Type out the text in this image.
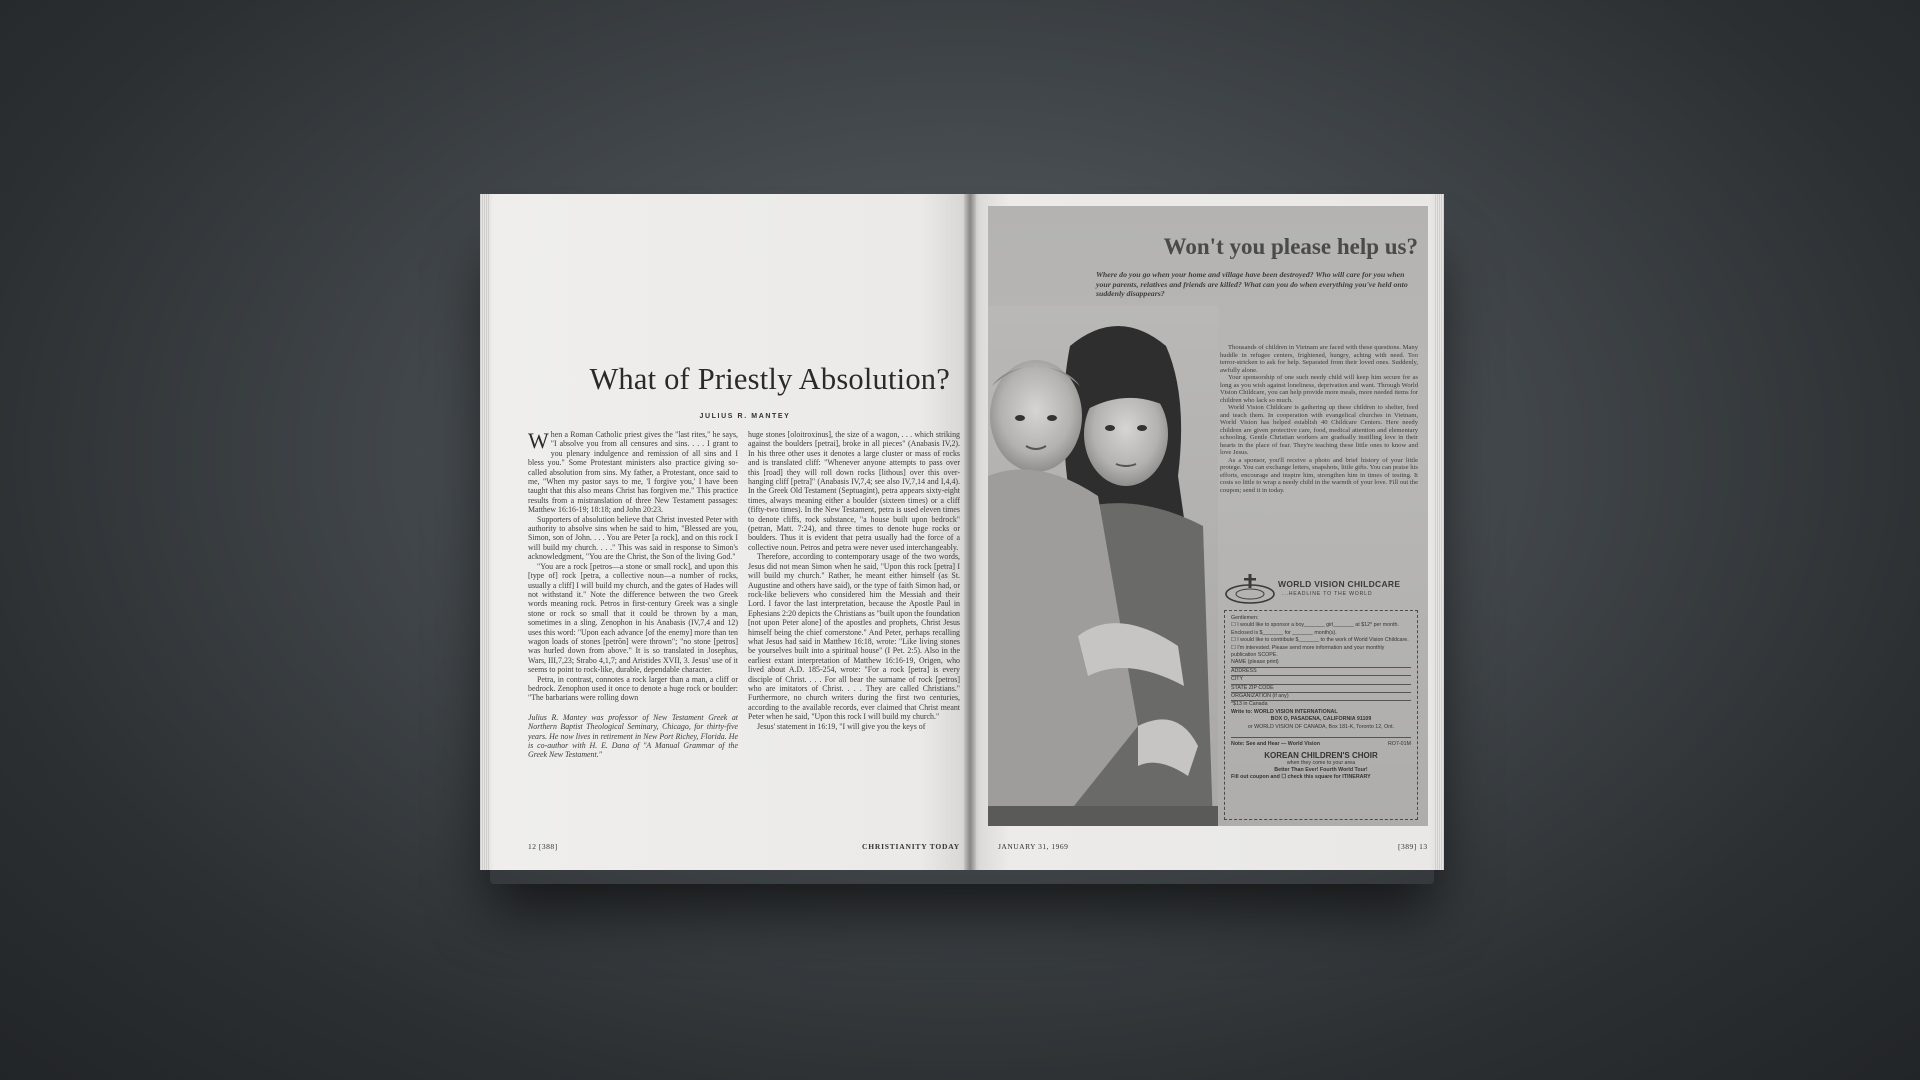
What of Priestly Absolution?
JULIUS R. MANTEY

When a Roman Catholic priest gives the "last rites," he says, "I absolve you from all censures and sins. . . . I grant to you plenary indulgence and remission of all sins and I bless you." Some Protestant ministers also practice giving so-called absolution from sins. My father, a Protestant, once said to me, "When my pastor says to me, 'I forgive you,' I have been taught that this also means Christ has forgiven me." This practice results from a mistranslation of three New Testament passages: Matthew 16:16-19; 18:18; and John 20:23.

Supporters of absolution believe that Christ invested Peter with authority to absolve sins when he said to him, "Blessed are you, Simon, son of John. . . . You are Peter [a rock], and on this rock I will build my church. . . ." This was said in response to Simon's acknowledgment, "You are the Christ, the Son of the living God."

"You are a rock [petros—a stone or small rock], and upon this [type of] rock [petra, a collective noun—a number of rocks, usually a cliff] I will build my church, and the gates of Hades will not withstand it." Note the difference between the two Greek words meaning rock. Petros in first-century Greek was a single stone or rock so small that it could be thrown by a man, sometimes in a sling. Zenophon in his Anabasis (IV,7,4 and 12) uses this word: "Upon each advance [of the enemy] more than ten wagon loads of stones [petrōn] were thrown"; "no stone [petros] was hurled down from above." It is so translated in Josephus, Wars, III,7,23; Strabo 4,1,7; and Aristides XVII, 3. Jesus' use of it seems to point to rock-like, durable, dependable character.

Petra, in contrast, connotes a rock larger than a man, a cliff or bedrock. Zenophon used it once to denote a huge rock or boulder: "The barbarians were rolling down

Julius R. Mantey was professor of New Testament Greek at Northern Baptist Theological Seminary, Chicago, for thirty-five years. He now lives in retirement in New Port Richey, Florida. He is co-author with H. E. Dana of "A Manual Grammar of the Greek New Testament."

huge stones [oloitroxinus], the size of a wagon, . . . which striking against the boulders [petrai], broke in all pieces" (Anabasis IV,2). In his three other uses it denotes a large cluster or mass of rocks and is translated cliff: "Whenever anyone attempts to pass over this [road] they will roll down rocks [lithous] over this over-hanging cliff [petra]" (Anabasis IV,7,4; see also IV,7,14 and I,4,4). In the Greek Old Testament (Septuagint), petra appears sixty-eight times, always meaning either a boulder (sixteen times) or a cliff (fifty-two times). In the New Testament, petra is used eleven times to denote cliffs, rock substance, "a house built upon bedrock" (petran, Matt. 7:24), and three times to denote huge rocks or boulders. Thus it is evident that petra usually had the force of a collective noun. Petros and petra were never used interchangeably.

Therefore, according to contemporary usage of the two words, Jesus did not mean Simon when he said, "Upon this rock [petra] I will build my church." Rather, he meant either himself (as St. Augustine and others have said), or the type of faith Simon had, or rock-like believers who considered him the Messiah and their Lord. I favor the last interpretation, because the Apostle Paul in Ephesians 2:20 depicts the Christians as "built upon the foundation [not upon Peter alone] of the apostles and prophets, Christ Jesus himself being the chief cornerstone." And Peter, perhaps recalling what Jesus had said in Matthew 16:18, wrote: "Like living stones be yourselves built into a spiritual house" (I Pet. 2:5). Also in the earliest extant interpretation of Matthew 16:16-19, Origen, who lived about A.D. 185-254, wrote: "For a rock [petra] is every disciple of Christ. . . . For all bear the surname of rock [petros] who are imitators of Christ. . . . They are called Christians." Furthermore, no church writers during the first two centuries, according to the available records, ever claimed that Christ meant Peter when he said, "Upon this rock I will build my church."

Jesus' statement in 16:19, "I will give you the keys of

12 [388]	CHRISTIANITY TODAY
Won't you please help us?
Where do you go when your home and village have been destroyed? Who will care for you when your parents, relatives and friends are killed? What can you do when everything you've held onto suddenly disappears?

Thousands of children in Vietnam are faced with these questions. Many huddle in refugee centers, frightened, hungry, aching with need. Too terror-stricken to ask for help. Separated from their loved ones. Suddenly, awfully alone.

Your sponsorship of one such needy child will keep him secure for as long as you wish against loneliness, deprivation and want. Through World Vision Childcare, you can help provide more meals, more needed items for children who lack so much.

World Vision Childcare is gathering up these children to shelter, feed and teach them. In cooperation with evangelical churches in Vietnam, World Vision has helped establish 40 Childcare Centers. Here needy children are given protective care, food, medical attention and elementary schooling. Gentle Christian workers are gradually instilling love in their hearts in the place of fear. They're teaching these little ones to know and love Jesus.

As a sponsor, you'll receive a photo and brief history of your little protege. You can exchange letters, snapshots, little gifts. You can praise his efforts, encourage and inspire him, strengthen him in times of testing. It costs so little to wrap a needy child in the warmth of your love. Fill out the coupon; send it in today.

WORLD VISION CHILDCARE
...HEADLINE TO THE WORLD
Gentlemen:
☐ I would like to sponsor a boy_______ girl_______ at $12* per month. Enclosed is $_______ for _______ month(s).
☐ I would like to contribute $_______ to the work of World Vision Childcare.
☐ I'm interested. Please send more information and your monthly publication SCOPE.
NAME (please print)
ADDRESS
CITY
STATE ZIP CODE
ORGANIZATION (if any)
*$13 in Canada
Write to: WORLD VISION INTERNATIONAL
BOX O, PASADENA, CALIFORNIA 91109
or WORLD VISION OF CANADA, Box 181-K, Toronto 12, Ont.
Note: See and Hear — World Vision	RO7-01M
KOREAN CHILDREN'S CHOIR
when they come to your area
Better Than Ever! Fourth World Tour!
Fill out coupon and ☐ check this square for ITINERARY
JANUARY 31, 1969	[389] 13
